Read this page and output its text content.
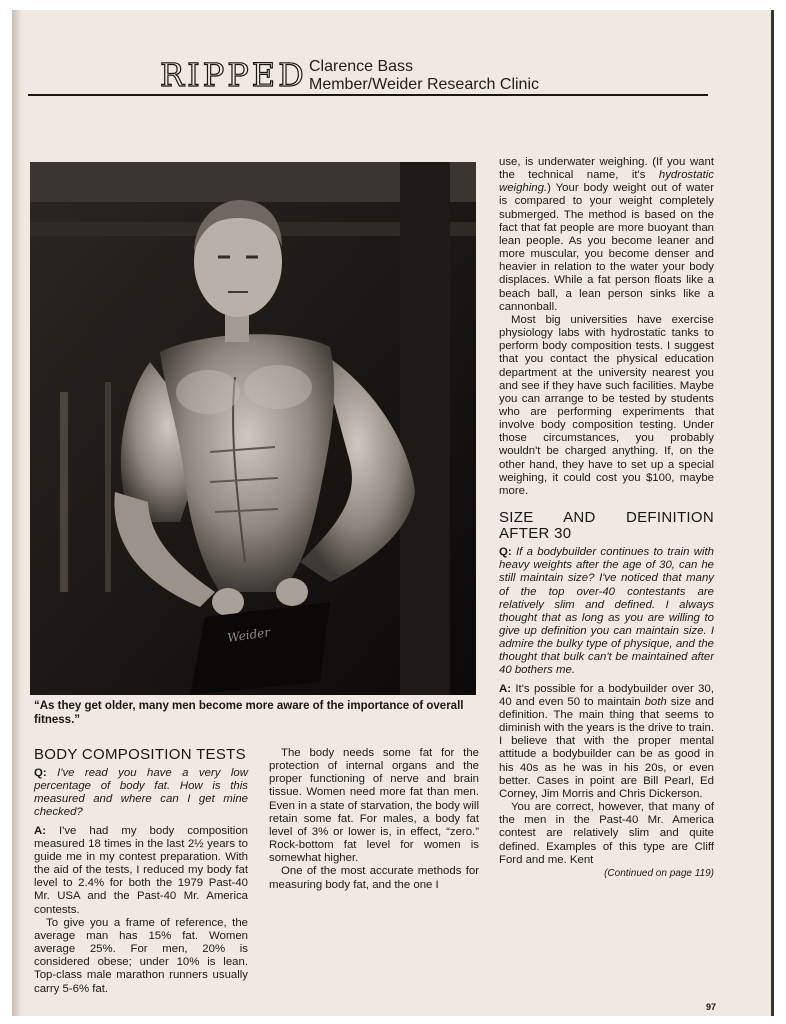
RIPPED Clarence Bass
Member/Weider Research Clinic
Weider

“As they get older, many men become more aware of the importance of overall fitness.”

BODY COMPOSITION TESTS

Q: I've read you have a very low percentage of body fat. How is this measured and where can I get mine checked?

A: I've had my body composition measured 18 times in the last 2½ years to guide me in my contest preparation. With the aid of the tests, I reduced my body fat level to 2.4% for both the 1979 Past-40 Mr. USA and the Past-40 Mr. America contests.

To give you a frame of reference, the average man has 15% fat. Women average 25%. For men, 20% is considered obese; under 10% is lean. Top-class male marathon runners usually carry 5-6% fat.

The body needs some fat for the protection of internal organs and the proper functioning of nerve and brain tissue. Women need more fat than men. Even in a state of starvation, the body will retain some fat. For males, a body fat level of 3% or lower is, in effect, “zero.” Rock-bottom fat level for women is somewhat higher.

One of the most accurate methods for measuring body fat, and the one I

use, is underwater weighing. (If you want the technical name, it's hydrostatic weighing.) Your body weight out of water is compared to your weight completely submerged. The method is based on the fact that fat people are more buoyant than lean people. As you become leaner and more muscular, you become denser and heavier in relation to the water your body displaces. While a fat person floats like a beach ball, a lean person sinks like a cannonball.

Most big universities have exercise physiology labs with hydrostatic tanks to perform body composition tests. I suggest that you contact the physical education department at the university nearest you and see if they have such facilities. Maybe you can arrange to be tested by students who are performing experiments that involve body composition testing. Under those circumstances, you probably wouldn't be charged anything. If, on the other hand, they have to set up a special weighing, it could cost you $100, maybe more.

SIZE AND DEFINITION AFTER 30

Q: If a bodybuilder continues to train with heavy weights after the age of 30, can he still maintain size? I've noticed that many of the top over-40 contestants are relatively slim and defined. I always thought that as long as you are willing to give up definition you can maintain size. I admire the bulky type of physique, and the thought that bulk can't be maintained after 40 bothers me.

A: It's possible for a bodybuilder over 30, 40 and even 50 to maintain both size and definition. The main thing that seems to diminish with the years is the drive to train. I believe that with the proper mental attitude a bodybuilder can be as good in his 40s as he was in his 20s, or even better. Cases in point are Bill Pearl, Ed Corney, Jim Morris and Chris Dickerson.

You are correct, however, that many of the men in the Past-40 Mr. America contest are relatively slim and quite defined. Examples of this type are Cliff Ford and me. Kent

(Continued on page 119)

97
